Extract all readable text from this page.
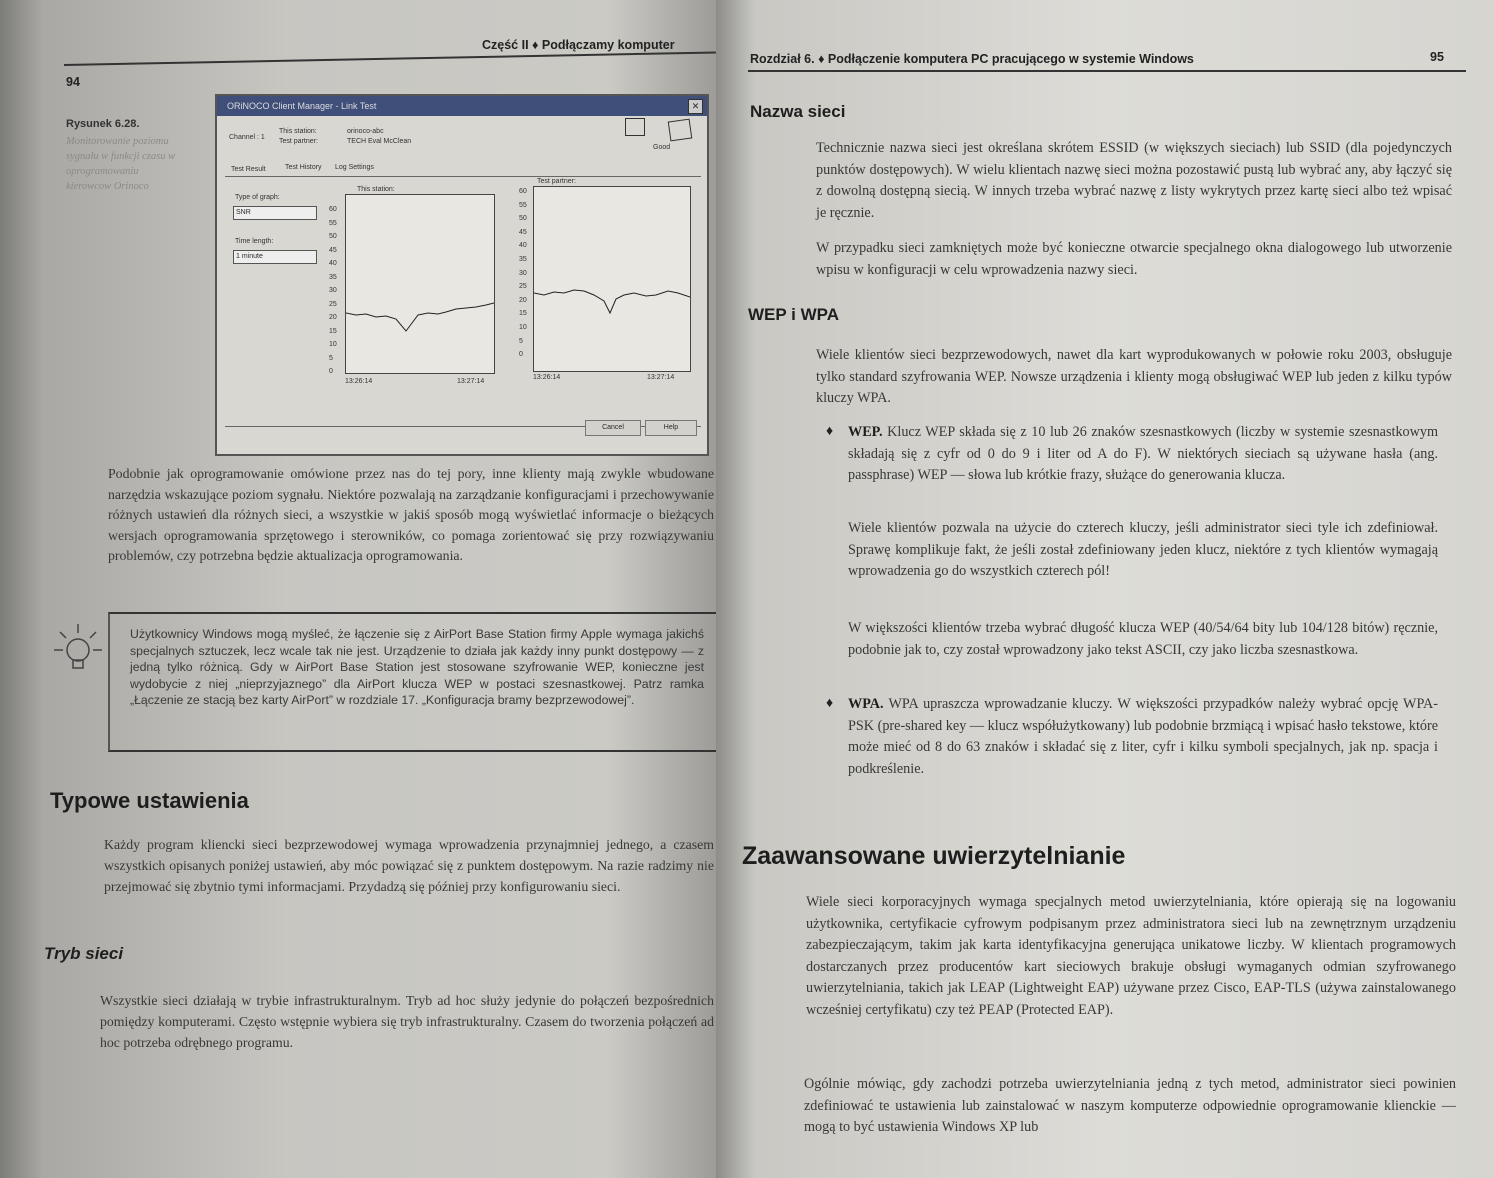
Część II ♦ Podłączamy komputer
94
Rysunek 6.28.
Monitorowanie poziomu sygnału w funkcji czasu w oprogramowaniu kierowcow Orinoco
ORiNOCO Client Manager - Link Test	✕
Channel : 1
This station:
Test partner:
orinoco-abc
TECH Eval McClean
Good
Test Result	Test History Log Settings
Type of graph:
SNR
Time length:
1 minute
This station:
60
55
50
45
40
35
30
25
20
15
10
5
0
13:26:14	13:27:14
Test partner:
60
55
50
45
40
35
30
25
20
15
10
5
0
13:26:14	13:27:14
Cancel	Help
Podobnie jak oprogramowanie omówione przez nas do tej pory, inne klienty mają zwykle wbudowane narzędzia wskazujące poziom sygnału. Niektóre pozwalają na zarządzanie konfiguracjami i przechowywanie różnych ustawień dla różnych sieci, a wszystkie w jakiś sposób mogą wyświetlać informacje o bieżących wersjach oprogramowania sprzętowego i sterowników, co pomaga zorientować się przy rozwiązywaniu problemów, czy potrzebna będzie aktualizacja oprogramowania.
Użytkownicy Windows mogą myśleć, że łączenie się z AirPort Base Station firmy Apple wymaga jakichś specjalnych sztuczek, lecz wcale tak nie jest. Urządzenie to działa jak każdy inny punkt dostępowy — z jedną tylko różnicą. Gdy w AirPort Base Station jest stosowane szyfrowanie WEP, konieczne jest wydobycie z niej „nieprzyjaznego” dla AirPort klucza WEP w postaci szesnastkowej. Patrz ramka „Łączenie ze stacją bez karty AirPort” w rozdziale 17. „Konfiguracja bramy bezprzewodowej”.
Typowe ustawienia
Każdy program kliencki sieci bezprzewodowej wymaga wprowadzenia przynajmniej jednego, a czasem wszystkich opisanych poniżej ustawień, aby móc powiązać się z punktem dostępowym. Na razie radzimy nie przejmować się zbytnio tymi informacjami. Przydadzą się później przy konfigurowaniu sieci.
Tryb sieci
Wszystkie sieci działają w trybie infrastrukturalnym. Tryb ad hoc służy jedynie do połączeń bezpośrednich pomiędzy komputerami. Często wstępnie wybiera się tryb infrastrukturalny. Czasem do tworzenia połączeń ad hoc potrzeba odrębnego programu.
Rozdział 6. ♦ Podłączenie komputera PC pracującego w systemie Windows	95
Nazwa sieci
Technicznie nazwa sieci jest określana skrótem ESSID (w większych sieciach) lub SSID (dla pojedynczych punktów dostępowych). W wielu klientach nazwę sieci można pozostawić pustą lub wybrać any, aby łączyć się z dowolną dostępną siecią. W innych trzeba wybrać nazwę z listy wykrytych przez kartę sieci albo też wpisać je ręcznie.
W przypadku sieci zamkniętych może być konieczne otwarcie specjalnego okna dialogowego lub utworzenie wpisu w konfiguracji w celu wprowadzenia nazwy sieci.
WEP i WPA
Wiele klientów sieci bezprzewodowych, nawet dla kart wyprodukowanych w połowie roku 2003, obsługuje tylko standard szyfrowania WEP. Nowsze urządzenia i klienty mogą obsługiwać WEP lub jeden z kilku typów kluczy WPA.
♦ WEP. Klucz WEP składa się z 10 lub 26 znaków szesnastkowych (liczby w systemie szesnastkowym składają się z cyfr od 0 do 9 i liter od A do F). W niektórych sieciach są używane hasła (ang. passphrase) WEP — słowa lub krótkie frazy, służące do generowania klucza.
Wiele klientów pozwala na użycie do czterech kluczy, jeśli administrator sieci tyle ich zdefiniował. Sprawę komplikuje fakt, że jeśli został zdefiniowany jeden klucz, niektóre z tych klientów wymagają wprowadzenia go do wszystkich czterech pól!
W większości klientów trzeba wybrać długość klucza WEP (40/54/64 bity lub 104/128 bitów) ręcznie, podobnie jak to, czy został wprowadzony jako tekst ASCII, czy jako liczba szesnastkowa.
♦ WPA. WPA upraszcza wprowadzanie kluczy. W większości przypadków należy wybrać opcję WPA-PSK (pre-shared key — klucz współużytkowany) lub podobnie brzmiącą i wpisać hasło tekstowe, które może mieć od 8 do 63 znaków i składać się z liter, cyfr i kilku symboli specjalnych, jak np. spacja i podkreślenie.
Zaawansowane uwierzytelnianie
Wiele sieci korporacyjnych wymaga specjalnych metod uwierzytelniania, które opierają się na logowaniu użytkownika, certyfikacie cyfrowym podpisanym przez administratora sieci lub na zewnętrznym urządzeniu zabezpieczającym, takim jak karta identyfikacyjna generująca unikatowe liczby. W klientach programowych dostarczanych przez producentów kart sieciowych brakuje obsługi wymaganych odmian szyfrowanego uwierzytelniania, takich jak LEAP (Lightweight EAP) używane przez Cisco, EAP-TLS (używa zainstalowanego wcześniej certyfikatu) czy też PEAP (Protected EAP).
Ogólnie mówiąc, gdy zachodzi potrzeba uwierzytelniania jedną z tych metod, administrator sieci powinien zdefiniować te ustawienia lub zainstalować w naszym komputerze odpowiednie oprogramowanie klienckie — mogą to być ustawienia Windows XP lub
